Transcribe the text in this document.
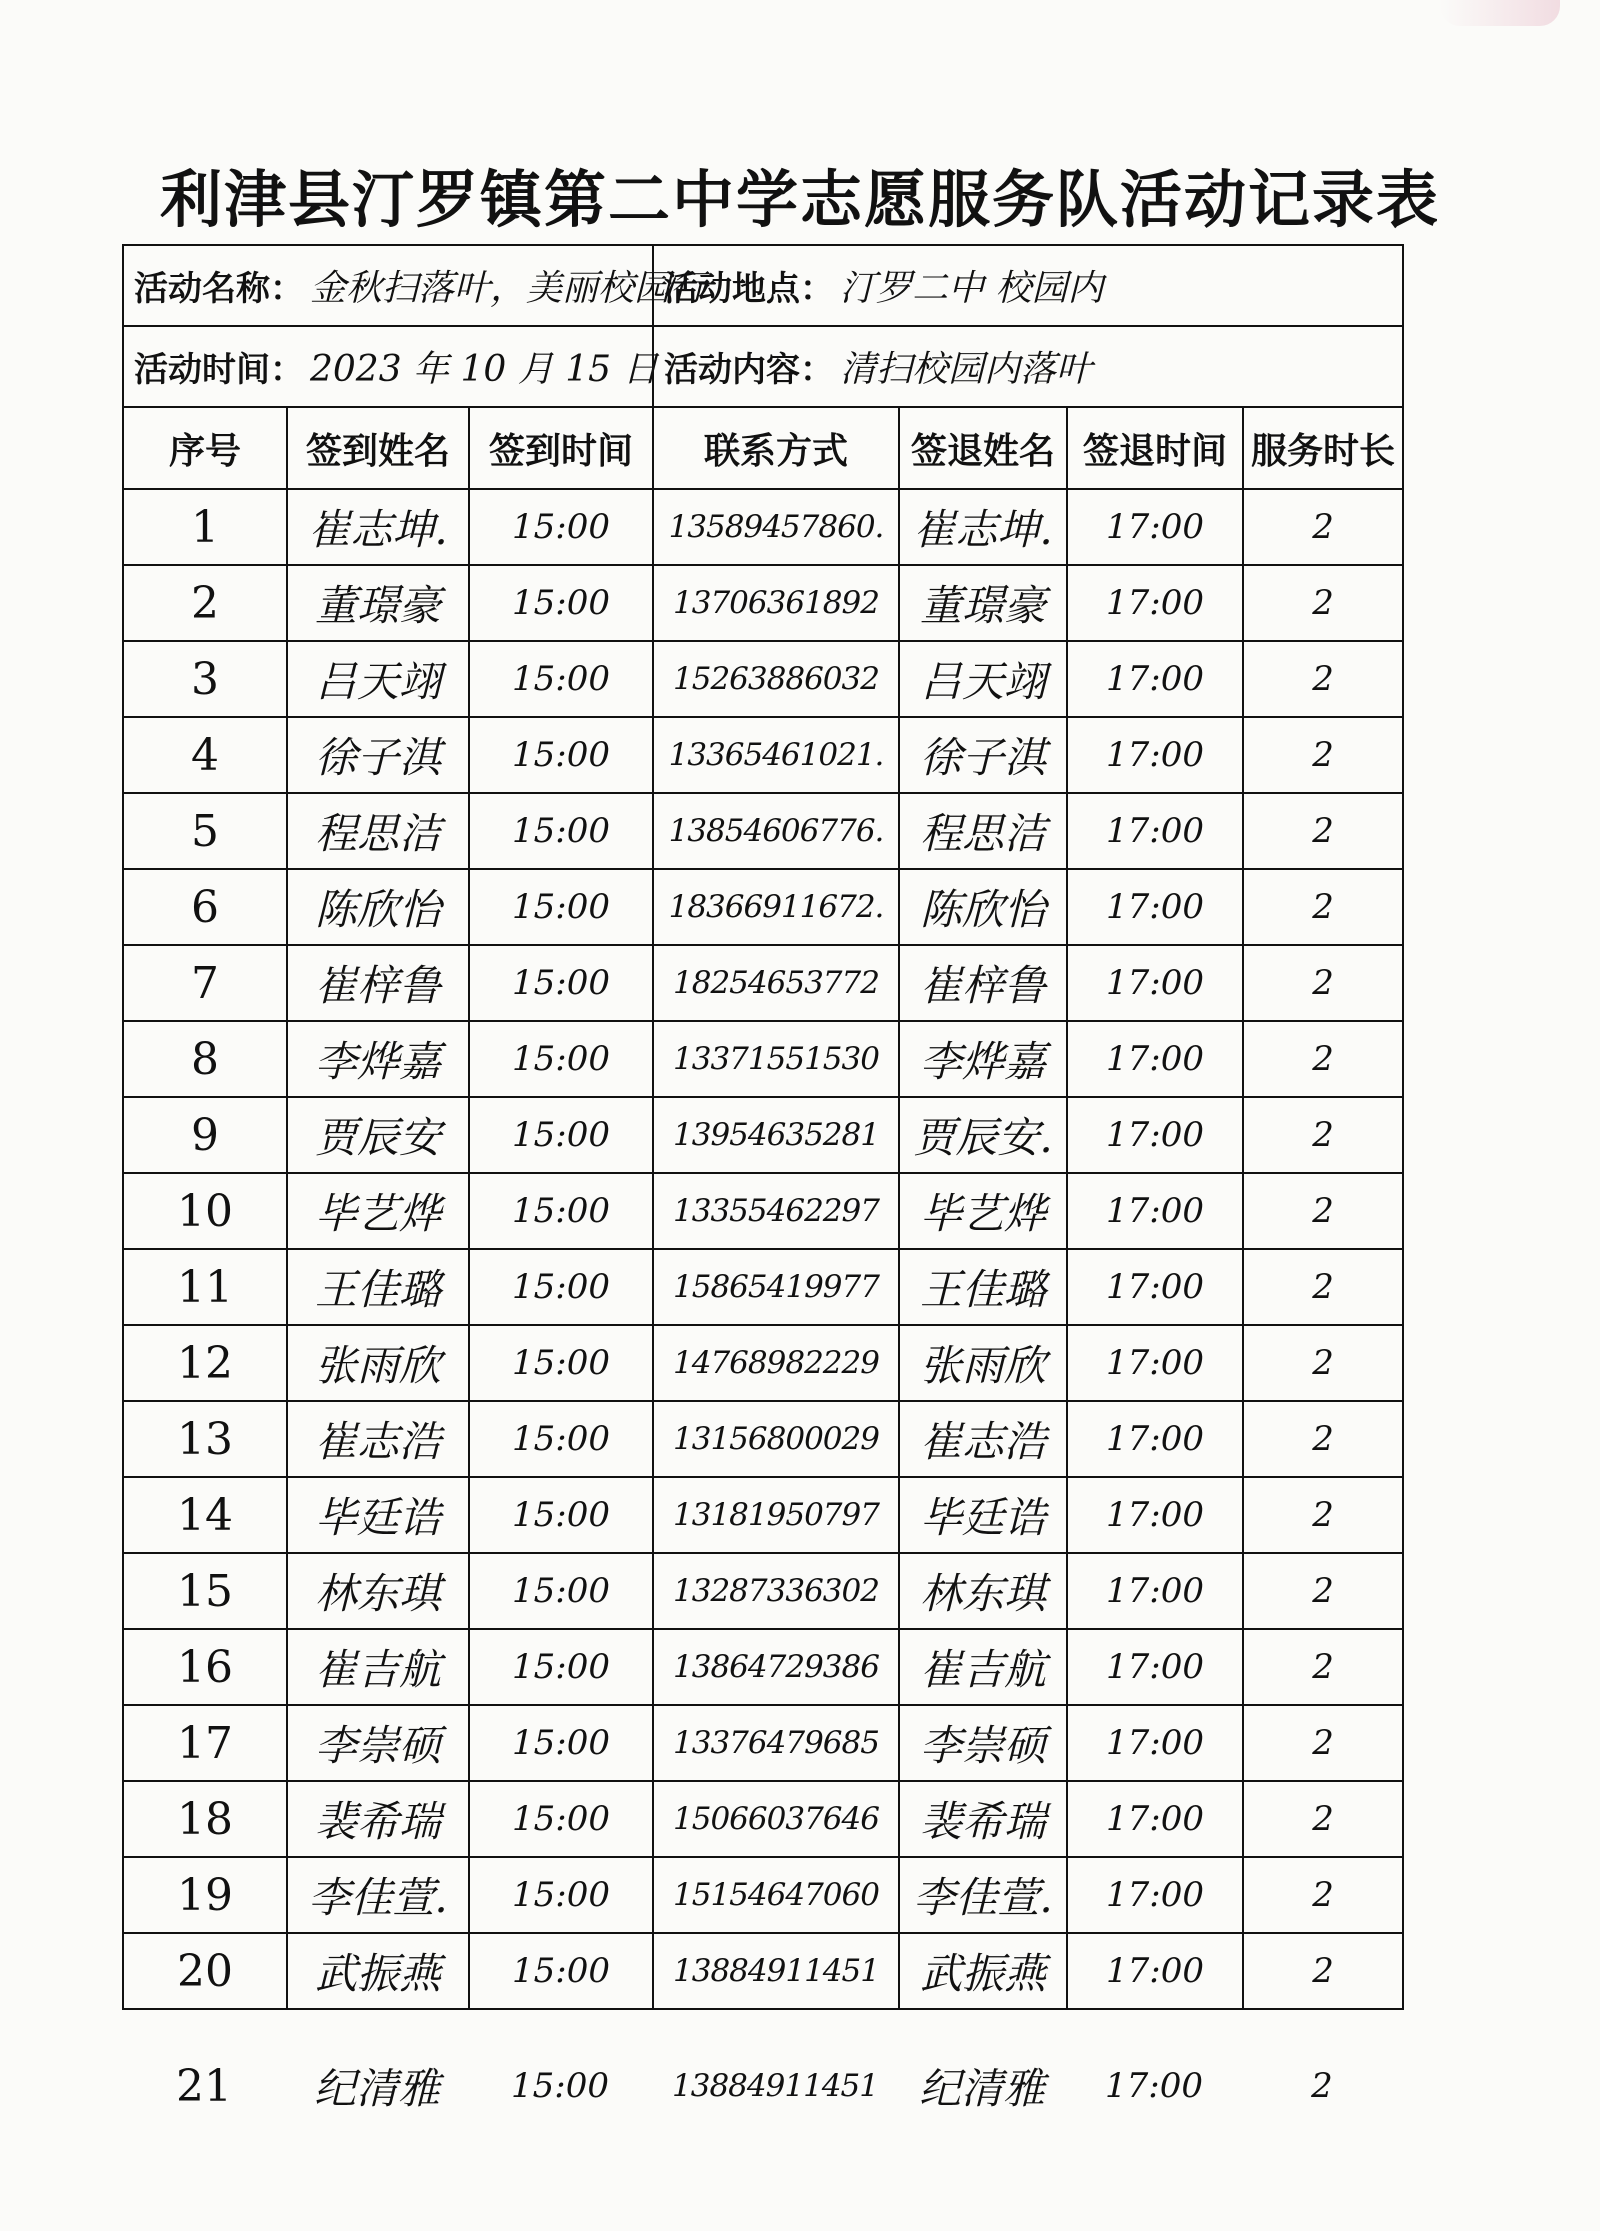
利津县汀罗镇第二中学志愿服务队活动记录表
活动名称： 金秋扫落叶，美丽校园行			活动地点： 汀罗二中 校园内			
活动时间： 2023 年 10 月 15 日			活动内容： 清扫校园内落叶			
序号	签到姓名	签到时间	联系方式	签退姓名	签退时间	服务时长
1	崔志坤.	15:00	13589457860.	崔志坤.	17:00	2
2	董璟豪	15:00	13706361892	董璟豪	17:00	2
3	吕天翊	15:00	15263886032	吕天翊	17:00	2
4	徐子淇	15:00	13365461021.	徐子淇	17:00	2
5	程思洁	15:00	13854606776.	程思洁	17:00	2
6	陈欣怡	15:00	18366911672.	陈欣怡	17:00	2
7	崔梓鲁	15:00	18254653772	崔梓鲁	17:00	2
8	李烨嘉	15:00	13371551530	李烨嘉	17:00	2
9	贾辰安	15:00	13954635281	贾辰安.	17:00	2
10	毕艺烨	15:00	13355462297	毕艺烨	17:00	2
11	王佳璐	15:00	15865419977	王佳璐	17:00	2
12	张雨欣	15:00	14768982229	张雨欣	17:00	2
13	崔志浩	15:00	13156800029	崔志浩	17:00	2
14	毕廷诰	15:00	13181950797	毕廷诰	17:00	2
15	林东琪	15:00	13287336302	林东琪	17:00	2
16	崔吉航	15:00	13864729386	崔吉航	17:00	2
17	李崇硕	15:00	13376479685	李崇硕	17:00	2
18	裴希瑞	15:00	15066037646	裴希瑞	17:00	2
19	李佳萱.	15:00	15154647060	李佳萱.	17:00	2
20	武振燕	15:00	13884911451	武振燕	17:00	2
21	纪清雅	15:00	13884911451 纪清雅	17:00	2
